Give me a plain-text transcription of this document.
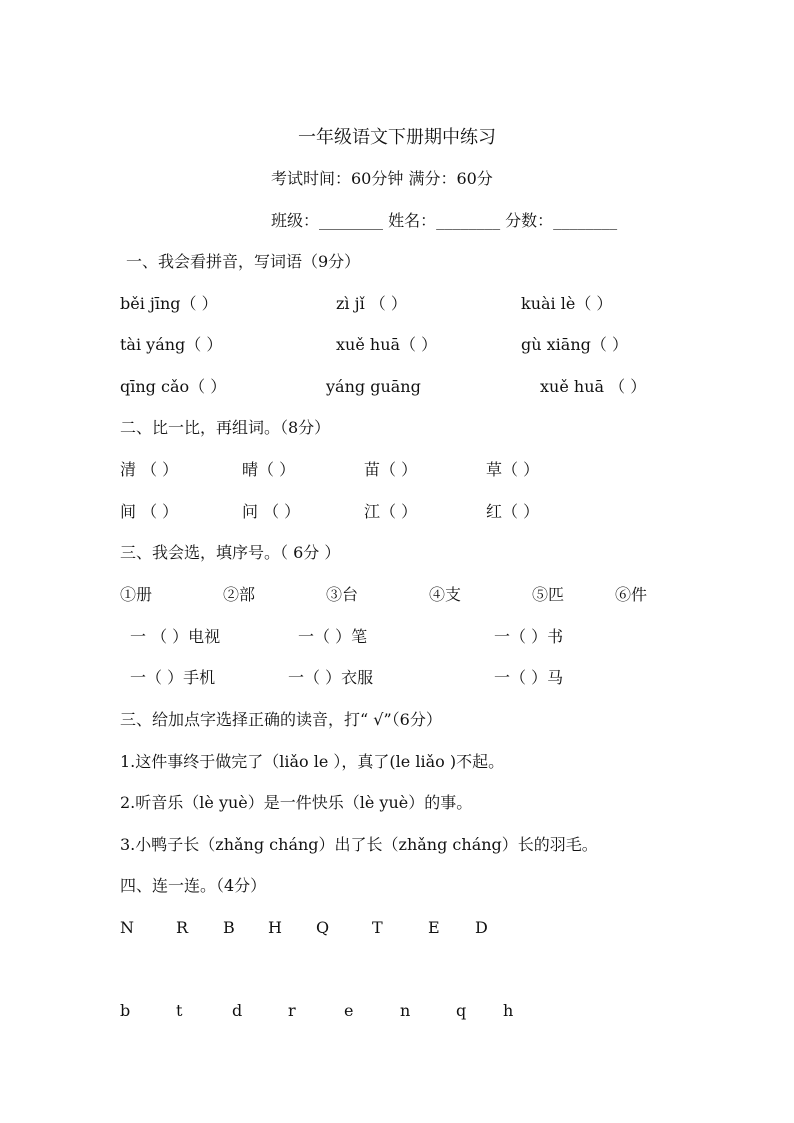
一年级语文下册期中练习
考试时间：60分钟 满分：60分
班级：________ 姓名：________ 分数：________
一、我会看拼音，写词语（9分）
běi jīng（ ）	zì jǐ （ ）	kuài lè（ ）
tài yáng（ ）	xuě huā（ ）	gù xiāng（ ）
qīng cǎo（ ）	yáng guāng	xuě huā （ ）
二、比一比，再组词。（8分）
清 （ ）	晴（ ）	苗（ ）	草（ ）
间 （ ）	问 （ ）	江（ ）	红（ ）
三、我会选，填序号。（ 6分 ）
①册	②部	③台	④支	⑤匹	⑥件
一 （ ）电视	一（ ）笔	一（ ）书
一（ ）手机	一（ ）衣服	一（ ）马
三、给加点字选择正确的读音，打“ √”（6分）
1.这件事终于做完了（liǎo le ），真了(le liǎo )不起。
2.听音乐（lè yuè）是一件快乐（lè yuè）的事。
3.小鸭子长（zhǎng cháng）出了长（zhǎng cháng）长的羽毛。
四、连一连。（4分）
N	R B H Q	T	E D
b	t	d	r	e	n	q h
